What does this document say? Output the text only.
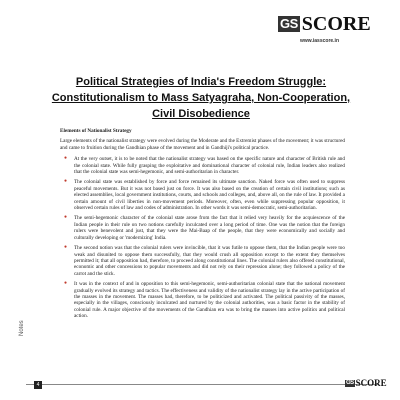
GS SCORE
www.iasscore.in
Political Strategies of India's Freedom Struggle: Constitutionalism to Mass Satyagraha, Non-Cooperation, Civil Disobedience
Elements of Nationalist Strategy
Large elements of the nationalist strategy were evolved during the Moderate and the Extremist phases of the movement; it was structured and came to fruition during the Gandhian phase of the movement and in Gandhiji's political practice.
● At the very outset, it is to be noted that the nationalist strategy was based on the specific nature and character of British rule and the colonial state. While fully grasping the exploitative and dominational character of colonial rule, Indian leaders also realized that the colonial state was semi-hegemonic, and semi-authoritarian in character.
● The colonial state was established by force and force remained its ultimate sanction. Naked force was often used to suppress peaceful movements. But it was not based just on force. It was also based on the creation of certain civil institutions; such as elected assemblies, local government institutions, courts, and schools and colleges, and, above all, on the rule of law. It provided a certain amount of civil liberties in non-movement periods. Moreover, often, even while suppressing popular opposition, it observed certain rules of law and codes of administration. In other words it was semi-democratic, semi-authoritarian.
● The semi-hegemonic character of the colonial state arose from the fact that it relied very heavily for the acquiescence of the Indian people in their rule on two notions carefully inculcated over a long period of time. One was the notion that the foreign rulers were benevolent and just, that they were the Mai-Baap of the people, that they were economically and socially and culturally developing or 'modernizing' India.
● The second notion was that the colonial rulers were invincible, that it was futile to oppose them, that the Indian people were too weak and disunited to oppose them successfully, that they would crush all opposition except to the extent they themselves permitted it; that all opposition had, therefore, to proceed along constitutional lines. The colonial rulers also offered constitutional, economic and other concessions to popular movements and did not rely on their repression alone; they followed a policy of the carrot and the stick.
● It was in the context of and in opposition to this semi-hegemonic, semi-authoritarian colonial state that the national movement gradually evolved its strategy and tactics. The effectiveness and validity of the nationalist strategy lay in the active participation of the masses in the movement. The masses had, therefore, to be politicized and activated. The political passivity of the masses, especially in the villages, consciously inculcated and nurtured by the colonial authorities, was a basic factor in the stability of colonial rule. A major objective of the movements of the Gandhian era was to bring the masses into active politics and political action.
Notes
4	GS SCORE
